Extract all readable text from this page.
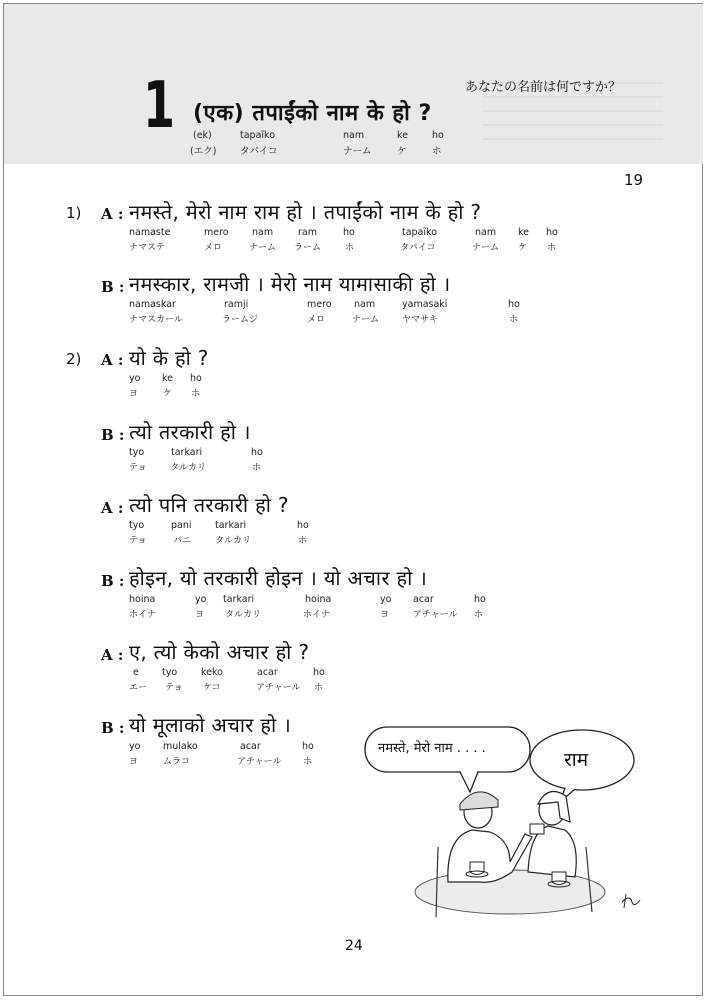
1	あなたの名前は何ですか？
(एक) तपाईंको नाम के हो ?
(ek)	tapaĩko	nam	ke	ho
(エク) タパイコ	ナーム	ケ	ホ
19
1) A : नमस्ते, मेरो नाम राम हो । तपाईंको नाम के हो ?
namaste	mero nam	ram	ho	tapaĩko	nam ke ho
ナマステ	メロ	ナーム ラーム	ホ	タパイコ	ナーム ケ ホ
B : नमस्कार, रामजी । मेरो नाम यामासाकी हो ।
namaskar	ramji	mero nam	yamasaki	ho
ナマスカール	ラームジ	メロ	ナーム	ヤマサキ	ホ
2) A : यो के हो ?
yo ke ho
ヨ	ケ ホ
B : त्यो तरकारी हो ।
tyo	tarkari	ho
テョ	タルカリ	ホ
A : त्यो पनि तरकारी हो ?
tyo	pani tarkari	ho
テョ	パニ	タルカリ	ホ
B : होइन, यो तरकारी होइन । यो अचार हो ।
hoina	yo tarkari	hoina	yo acar	ho
ホイナ	ヨ タルカリ	ホイナ	ヨ	アチャール ホ
A : ए, त्यो केको अचार हो ?
e tyo	keko	acar	ho
エー テョ ケコ	アチャール ホ
B : यो मूलाको अचार हो ।
yo mulako	acar	ho
ヨ	ムラコ	アチャール ホ
नमस्ते, मेरो नाम . . . .
राम
24
